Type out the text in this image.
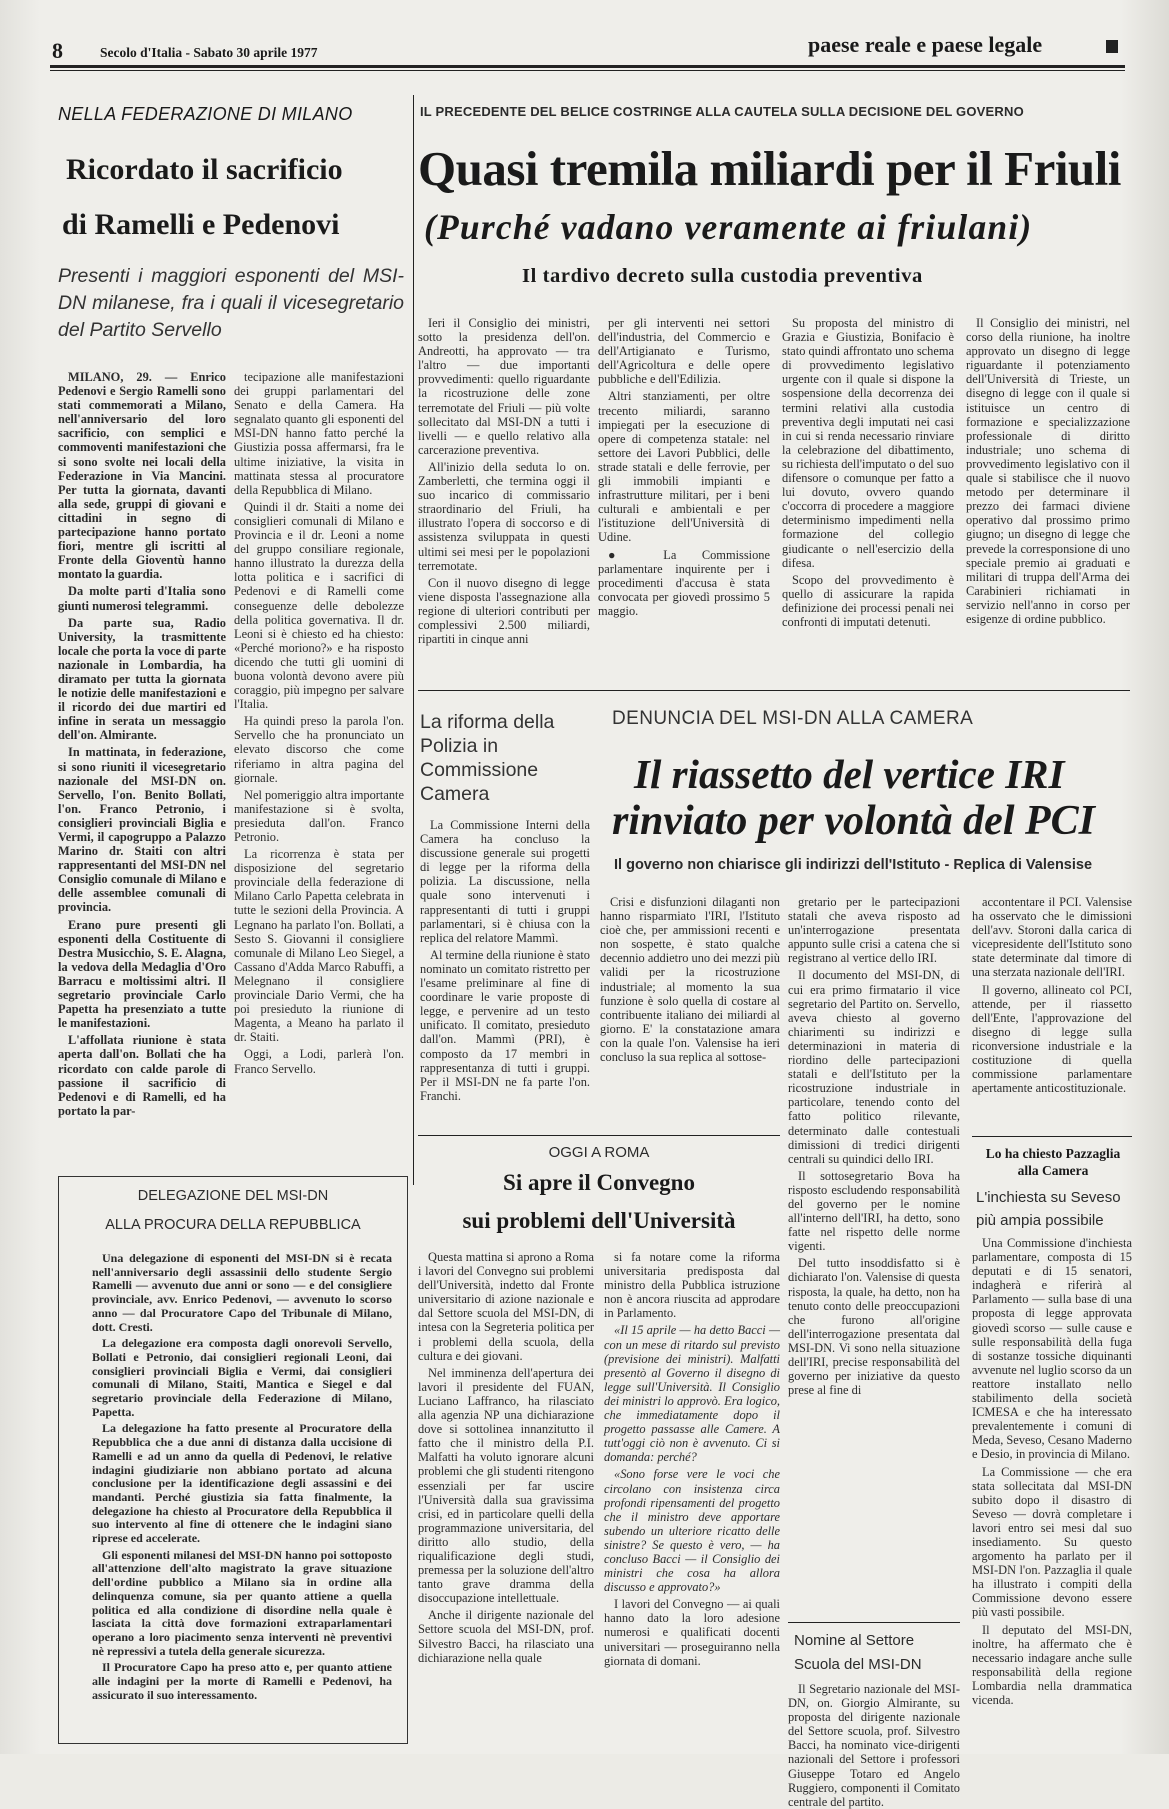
8	Secolo d'Italia - Sabato 30 aprile 1977	paese reale e paese legale
NELLA FEDERAZIONE DI MILANO
Ricordato il sacrificio
di Ramelli e Pedenovi
Presenti i maggiori esponenti del MSI-DN milanese, fra i quali il vicesegretario del Partito Servello

MILANO, 29. — Enrico Pedenovi e Sergio Ramelli sono stati commemorati a Milano, nell'anniversario del loro sacrificio, con semplici e commoventi manifestazioni che si sono svolte nei locali della Federazione in Via Mancini. Per tutta la giornata, davanti alla sede, gruppi di giovani e cittadini in segno di partecipazione hanno portato fiori, mentre gli iscritti al Fronte della Gioventù hanno montato la guardia.

Da molte parti d'Italia sono giunti numerosi telegrammi.

Da parte sua, Radio University, la trasmittente locale che porta la voce di parte nazionale in Lombardia, ha diramato per tutta la giornata le notizie delle manifestazioni e il ricordo dei due martiri ed infine in serata un messaggio dell'on. Almirante.

In mattinata, in federazione, si sono riuniti il vicesegretario nazionale del MSI-DN on. Servello, l'on. Benito Bollati, l'on. Franco Petronio, i consiglieri provinciali Biglia e Vermi, il capogruppo a Palazzo Marino dr. Staiti con altri rappresentanti del MSI-DN nel Consiglio comunale di Milano e delle assemblee comunali di provincia.

Erano pure presenti gli esponenti della Costituente di Destra Musicchio, S. E. Alagna, la vedova della Medaglia d'Oro Barracu e moltissimi altri. Il segretario provinciale Carlo Papetta ha presenziato a tutte le manifestazioni.

L'affollata riunione è stata aperta dall'on. Bollati che ha ricordato con calde parole di passione il sacrificio di Pedenovi e di Ramelli, ed ha portato la par-

tecipazione alle manifestazioni dei gruppi parlamentari del Senato e della Camera. Ha segnalato quanto gli esponenti del MSI-DN hanno fatto perché la Giustizia possa affermarsi, fra le ultime iniziative, la visita in mattinata stessa al procuratore della Repubblica di Milano.

Quindi il dr. Staiti a nome dei consiglieri comunali di Milano e Provincia e il dr. Leoni a nome del gruppo consiliare regionale, hanno illustrato la durezza della lotta politica e i sacrifici di Pedenovi e di Ramelli come conseguenze delle debolezze della politica governativa. Il dr. Leoni si è chiesto ed ha chiesto: «Perché moriono?» e ha risposto dicendo che tutti gli uomini di buona volontà devono avere più coraggio, più impegno per salvare l'Italia.

Ha quindi preso la parola l'on. Servello che ha pronunciato un elevato discorso che come riferiamo in altra pagina del giornale.

Nel pomeriggio altra importante manifestazione si è svolta, presieduta dall'on. Franco Petronio.

La ricorrenza è stata per disposizione del segretario provinciale della federazione di Milano Carlo Papetta celebrata in tutte le sezioni della Provincia. A Legnano ha parlato l'on. Bollati, a Sesto S. Giovanni il consigliere comunale di Milano Leo Siegel, a Cassano d'Adda Marco Rabuffi, a Melegnano il consigliere provinciale Dario Vermi, che ha poi presieduto la riunione di Magenta, a Meano ha parlato il dr. Staiti.

Oggi, a Lodi, parlerà l'on. Franco Servello.

IL PRECEDENTE DEL BELICE COSTRINGE ALLA CAUTELA SULLA DECISIONE DEL GOVERNO
Quasi tremila miliardi per il Friuli
(Purché vadano veramente ai friulani)
Il tardivo decreto sulla custodia preventiva

Ieri il Consiglio dei ministri, sotto la presidenza dell'on. Andreotti, ha approvato — tra l'altro — due importanti provvedimenti: quello riguardante la ricostruzione delle zone terremotate del Friuli — più volte sollecitato dal MSI-DN a tutti i livelli — e quello relativo alla carcerazione preventiva.

All'inizio della seduta lo on. Zamberletti, che termina oggi il suo incarico di commissario straordinario del Friuli, ha illustrato l'opera di soccorso e di assistenza sviluppata in questi ultimi sei mesi per le popolazioni terremotate.

Con il nuovo disegno di legge viene disposta l'assegnazione alla regione di ulteriori contributi per complessivi 2.500 miliardi, ripartiti in cinque anni

per gli interventi nei settori dell'industria, del Commercio e dell'Artigianato e Turismo, dell'Agricoltura e delle opere pubbliche e dell'Edilizia.

Altri stanziamenti, per oltre trecento miliardi, saranno impiegati per la esecuzione di opere di competenza statale: nel settore dei Lavori Pubblici, delle strade statali e delle ferrovie, per gli immobili impianti e infrastrutture militari, per i beni culturali e ambientali e per l'istituzione dell'Università di Udine.

● La Commissione parlamentare inquirente per i procedimenti d'accusa è stata convocata per giovedì prossimo 5 maggio.

Su proposta del ministro di Grazia e Giustizia, Bonifacio è stato quindi affrontato uno schema di provvedimento legislativo urgente con il quale si dispone la sospensione della decorrenza dei termini relativi alla custodia preventiva degli imputati nei casi in cui si renda necessario rinviare la celebrazione del dibattimento, su richiesta dell'imputato o del suo difensore o comunque per fatto a lui dovuto, ovvero quando c'occorra di procedere a maggiore determinismo impedimenti nella formazione del collegio giudicante o nell'esercizio della difesa.

Scopo del provvedimento è quello di assicurare la rapida definizione dei processi penali nei confronti di imputati detenuti.

Il Consiglio dei ministri, nel corso della riunione, ha inoltre approvato un disegno di legge riguardante il potenziamento dell'Università di Trieste, un disegno di legge con il quale si istituisce un centro di formazione e specializzazione professionale di diritto industriale; uno schema di provvedimento legislativo con il quale si stabilisce che il nuovo metodo per determinare il prezzo dei farmaci diviene operativo dal prossimo primo giugno; un disegno di legge che prevede la corresponsione di uno speciale premio ai graduati e militari di truppa dell'Arma dei Carabinieri richiamati in servizio nell'anno in corso per esigenze di ordine pubblico.

La riforma della Polizia in Commissione Camera

La Commissione Interni della Camera ha concluso la discussione generale sui progetti di legge per la riforma della polizia. La discussione, nella quale sono intervenuti i rappresentanti di tutti i gruppi parlamentari, si è chiusa con la replica del relatore Mammì.

Al termine della riunione è stato nominato un comitato ristretto per l'esame preliminare al fine di coordinare le varie proposte di legge, e pervenire ad un testo unificato. Il comitato, presieduto dall'on. Mammì (PRI), è composto da 17 membri in rappresentanza di tutti i gruppi. Per il MSI-DN ne fa parte l'on. Franchi.

DENUNCIA DEL MSI-DN ALLA CAMERA
Il riassetto del vertice IRI
rinviato per volontà del PCI
Il governo non chiarisce gli indirizzi dell'Istituto - Replica di Valensise

Crisi e disfunzioni dilaganti non hanno risparmiato l'IRI, l'Istituto cioè che, per ammissioni recenti e non sospette, è stato qualche decennio addietro uno dei mezzi più validi per la ricostruzione industriale; al momento la sua funzione è solo quella di costare al contribuente italiano dei miliardi al giorno. E' la constatazione amara con la quale l'on. Valensise ha ieri concluso la sua replica al sottose-

gretario per le partecipazioni statali che aveva risposto ad un'interrogazione presentata appunto sulle crisi a catena che si registrano al vertice dello IRI.

Il documento del MSI-DN, di cui era primo firmatario il vice segretario del Partito on. Servello, aveva chiesto al governo chiarimenti su indirizzi e determinazioni in materia di riordino delle partecipazioni statali e dell'Istituto per la ricostruzione industriale in particolare, tenendo conto del fatto politico rilevante, determinato dalle contestuali dimissioni di tredici dirigenti centrali su quindici dello IRI.

Il sottosegretario Bova ha risposto escludendo responsabilità del governo per le nomine all'interno dell'IRI, ha detto, sono fatte nel rispetto delle norme vigenti.

Del tutto insoddisfatto si è dichiarato l'on. Valensise di questa risposta, la quale, ha detto, non ha tenuto conto delle preoccupazioni che furono all'origine dell'interrogazione presentata dal MSI-DN. Vi sono nella situazione dell'IRI, precise responsabilità del governo per iniziative da questo prese al fine di

accontentare il PCI. Valensise ha osservato che le dimissioni dell'avv. Storoni dalla carica di vicepresidente dell'Istituto sono state determinate dal timore di una sterzata nazionale dell'IRI.

Il governo, allineato col PCI, attende, per il riassetto dell'Ente, l'approvazione del disegno di legge sulla riconversione industriale e la costituzione di quella commissione parlamentare apertamente anticostituzionale.

Lo ha chiesto Pazzaglia alla Camera
L'inchiesta su Seveso più ampia possibile

Una Commissione d'inchiesta parlamentare, composta di 15 deputati e di 15 senatori, indagherà e riferirà al Parlamento — sulla base di una proposta di legge approvata giovedì scorso — sulle cause e sulle responsabilità della fuga di sostanze tossiche diquinanti avvenute nel luglio scorso da un reattore installato nello stabilimento della società ICMESA e che ha interessato prevalentemente i comuni di Meda, Seveso, Cesano Maderno e Desio, in provincia di Milano.

La Commissione — che era stata sollecitata dal MSI-DN subito dopo il disastro di Seveso — dovrà completare i lavori entro sei mesi dal suo insediamento. Su questo argomento ha parlato per il MSI-DN l'on. Pazzaglia il quale ha illustrato i compiti della Commissione devono essere più vasti possibile.

Il deputato del MSI-DN, inoltre, ha affermato che è necessario indagare anche sulle responsabilità della regione Lombardia nella drammatica vicenda.

DELEGAZIONE DEL MSI-DN
ALLA PROCURA DELLA REPUBBLICA

Una delegazione di esponenti del MSI-DN si è recata nell'anniversario degli assassinii dello studente Sergio Ramelli — avvenuto due anni or sono — e del consigliere provinciale, avv. Enrico Pedenovi, — avvenuto lo scorso anno — dal Procuratore Capo del Tribunale di Milano, dott. Cresti.

La delegazione era composta dagli onorevoli Servello, Bollati e Petronio, dai consiglieri regionali Leoni, dai consiglieri provinciali Biglia e Vermi, dai consiglieri comunali di Milano, Staiti, Mantica e Siegel e dal segretario provinciale della Federazione di Milano, Papetta.

La delegazione ha fatto presente al Procuratore della Repubblica che a due anni di distanza dalla uccisione di Ramelli e ad un anno da quella di Pedenovi, le relative indagini giudiziarie non abbiano portato ad alcuna conclusione per la identificazione degli assassini e dei mandanti. Perché giustizia sia fatta finalmente, la delegazione ha chiesto al Procuratore della Repubblica il suo intervento al fine di ottenere che le indagini siano riprese ed accelerate.

Gli esponenti milanesi del MSI-DN hanno poi sottoposto all'attenzione dell'alto magistrato la grave situazione dell'ordine pubblico a Milano sia in ordine alla delinquenza comune, sia per quanto attiene a quella politica ed alla condizione di disordine nella quale è lasciata la città dove formazioni extraparlamentari operano a loro piacimento senza interventi nè preventivi nè repressivi a tutela della generale sicurezza.

Il Procuratore Capo ha preso atto e, per quanto attiene alle indagini per la morte di Ramelli e Pedenovi, ha assicurato il suo interessamento.

OGGI A ROMA
Si apre il Convegno
sui problemi dell'Università

Questa mattina si aprono a Roma i lavori del Convegno sui problemi dell'Università, indetto dal Fronte universitario di azione nazionale e dal Settore scuola del MSI-DN, di intesa con la Segreteria politica per i problemi della scuola, della cultura e dei giovani.

Nel imminenza dell'apertura dei lavori il presidente del FUAN, Luciano Laffranco, ha rilasciato alla agenzia NP una dichiarazione dove si sottolinea innanzitutto il fatto che il ministro della P.I. Malfatti ha voluto ignorare alcuni problemi che gli studenti ritengono essenziali per far uscire l'Università dalla sua gravissima crisi, ed in particolare quelli della programmazione universitaria, del diritto allo studio, della riqualificazione degli studi, premessa per la soluzione dell'altro tanto grave dramma della disoccupazione intellettuale.

Anche il dirigente nazionale del Settore scuola del MSI-DN, prof. Silvestro Bacci, ha rilasciato una dichiarazione nella quale

si fa notare come la riforma universitaria predisposta dal ministro della Pubblica istruzione non è ancora riuscita ad approdare in Parlamento.

«Il 15 aprile — ha detto Bacci — con un mese di ritardo sul previsto (previsione dei ministri). Malfatti presentò al Governo il disegno di legge sull'Università. Il Consiglio dei ministri lo approvò. Era logico, che immediatamente dopo il progetto passasse alle Camere. A tutt'oggi ciò non è avvenuto. Ci si domanda: perché?

«Sono forse vere le voci che circolano con insistenza circa profondi ripensamenti del progetto che il ministro deve apportare subendo un ulteriore ricatto delle sinistre? Se questo è vero, — ha concluso Bacci — il Consiglio dei ministri che cosa ha allora discusso e approvato?»

I lavori del Convegno — ai quali hanno dato la loro adesione numerosi e qualificati docenti universitari — proseguiranno nella giornata di domani.

Nomine al Settore Scuola del MSI-DN

Il Segretario nazionale del MSI-DN, on. Giorgio Almirante, su proposta del dirigente nazionale del Settore scuola, prof. Silvestro Bacci, ha nominato vice-dirigenti nazionali del Settore i professori Giuseppe Totaro ed Angelo Ruggiero, componenti il Comitato centrale del partito.
